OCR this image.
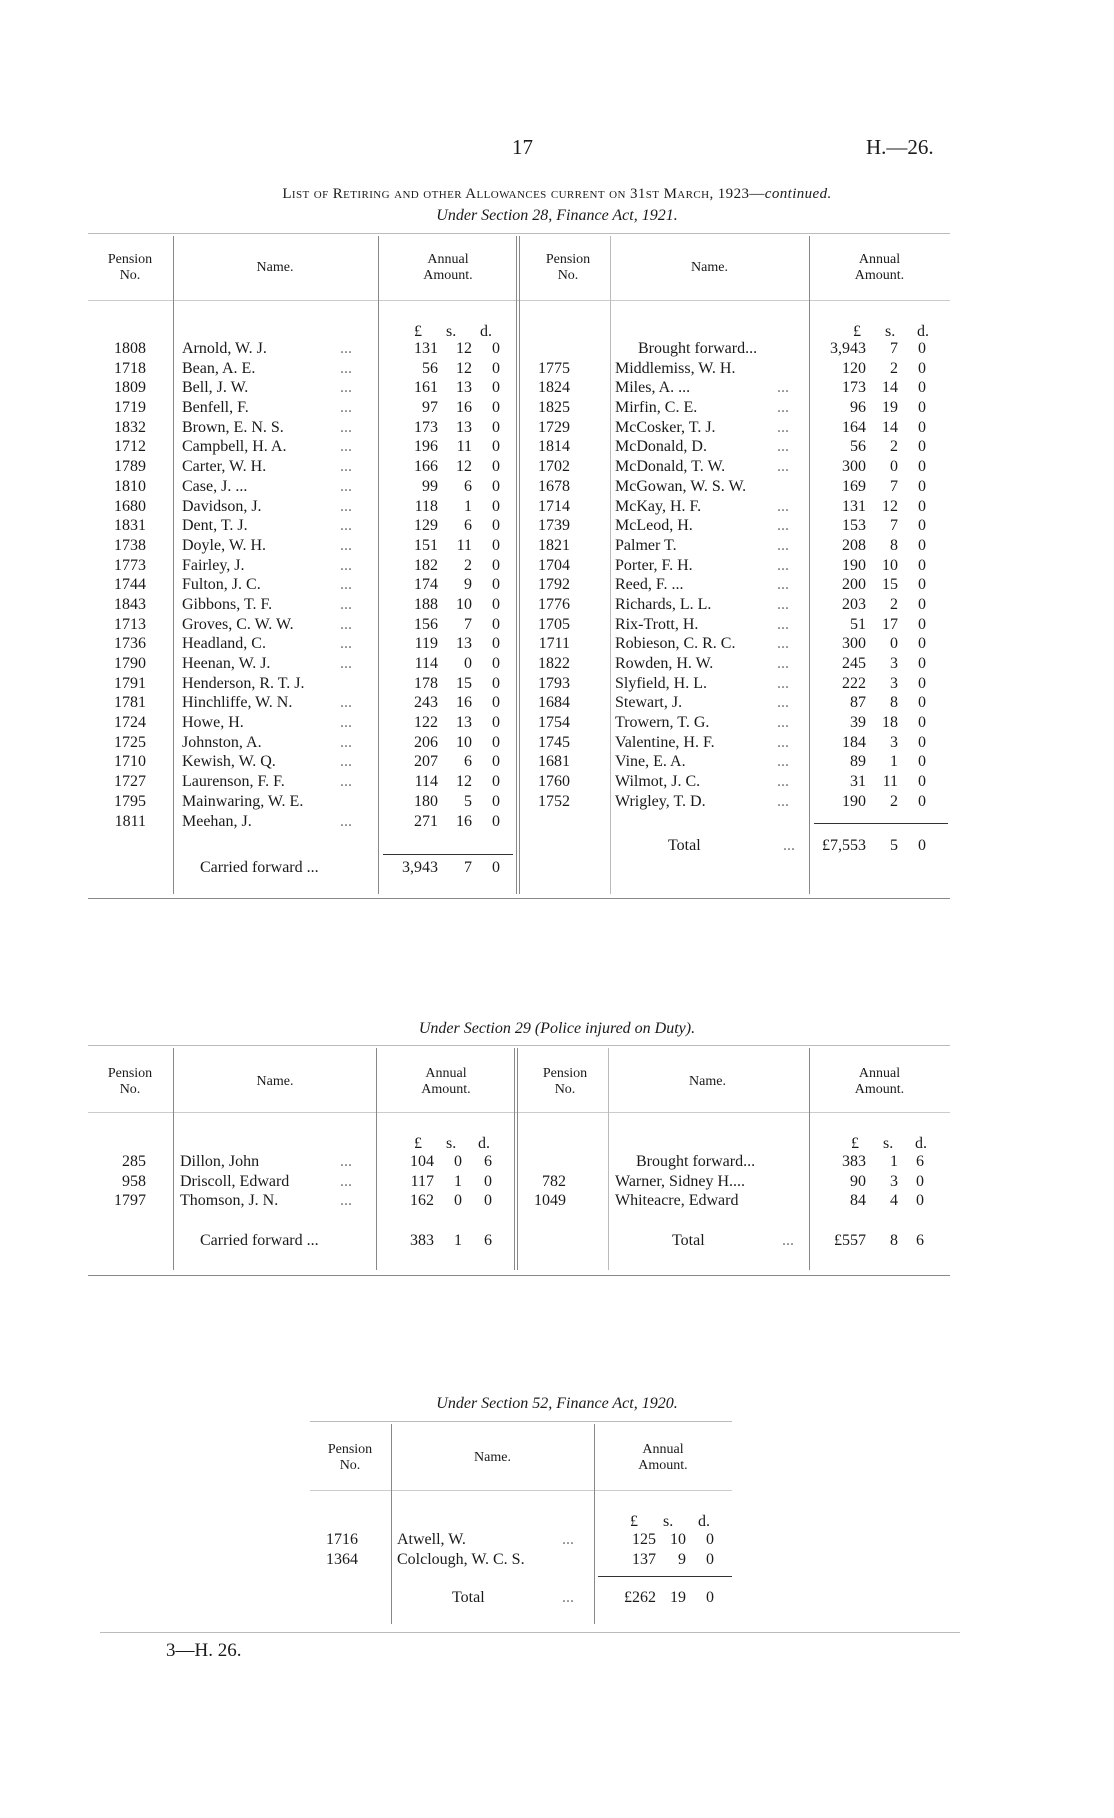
17	H.—26.
List of Retiring and other Allowances current on 31st March, 1923—continued.
Under Section 28, Finance Act, 1921.
Pension
No.
Name.
Annual
Amount.
Pension
No.
Name.
Annual
Amount.
£ s. d.	£ s. d.
1808 Arnold, W. J.	...	131	12	0
1718 Bean, A. E.	...	56	12	0
1809 Bell, J. W.	...	161	13	0
1719 Benfell, F.	...	97	16	0
1832 Brown, E. N. S.	...	173	13	0
1712 Campbell, H. A.	...	196	11	0
1789 Carter, W. H.	...	166	12	0
1810 Case, J. ...	...	99	6	0
1680 Davidson, J.	...	118	1	0
1831 Dent, T. J.	...	129	6	0
1738 Doyle, W. H.	...	151	11	0
1773 Fairley, J.	...	182	2	0
1744 Fulton, J. C.	...	174	9	0
1843 Gibbons, T. F.	...	188	10	0
1713 Groves, C. W. W.	...	156	7	0
1736 Headland, C.	...	119	13	0
1790 Heenan, W. J.	...	114	0	0
1791 Henderson, R. T. J.	178	15	0
1781 Hinchliffe, W. N.	...	243	16	0
1724 Howe, H.	...	122	13	0
1725 Johnston, A.	...	206	10	0
1710 Kewish, W. Q.	...	207	6	0
1727 Laurenson, F. F.	...	114	12	0
1795 Mainwaring, W. E.	180	5	0
1811 Meehan, J.	...	271	16	0
Brought forward...	3,943	7	0
1775	Middlemiss, W. H.	120	2	0
1824	Miles, A. ...	...	173	14	0
1825	Mirfin, C. E.	...	96	19	0
1729	McCosker, T. J.	...	164	14	0
1814	McDonald, D.	...	56	2	0
1702	McDonald, T. W.	...	300	0	0
1678	McGowan, W. S. W.	169	7	0
1714	McKay, H. F.	...	131	12	0
1739	McLeod, H.	...	153	7	0
1821	Palmer T.	...	208	8	0
1704	Porter, F. H.	...	190	10	0
1792	Reed, F. ...	...	200	15	0
1776	Richards, L. L.	...	203	2	0
1705	Rix-Trott, H.	...	51	17	0
1711	Robieson, C. R. C.	...	300	0	0
1822	Rowden, H. W.	...	245	3	0
1793	Slyfield, H. L.	...	222	3	0
1684	Stewart, J.	...	87	8	0
1754	Trowern, T. G.	...	39	18	0
1745	Valentine, H. F.	...	184	3	0
1681	Vine, E. A.	...	89	1	0
1760	Wilmot, J. C.	...	31	11	0
1752	Wrigley, T. D.	...	190	2	0
Carried forward ...	3,943	7	0
Total	...	£7,553	5	0
Under Section 29 (Police injured on Duty).
Pension
No.
Name.
Annual
Amount.
Pension
No.
Name.
Annual
Amount.
£ s. d.	£ s. d.
285 Dillon, John	...	104	0	6
958 Driscoll, Edward	...	117	1	0
1797 Thomson, J. N.	...	162	0	0
Brought forward...	383	1	6
782	Warner, Sidney H....	90	3	0
1049	Whiteacre, Edward	84	4	0
Carried forward ...	383	1	6	Total	...	£557	8	6
Under Section 52, Finance Act, 1920.
Pension
No.
Name.
Annual
Amount.
£ s. d.
1716 Atwell, W.	...	125 10	0
1364 Colclough, W. C. S.	137	9	0
Total	...	£262 19	0
3—H. 26.
